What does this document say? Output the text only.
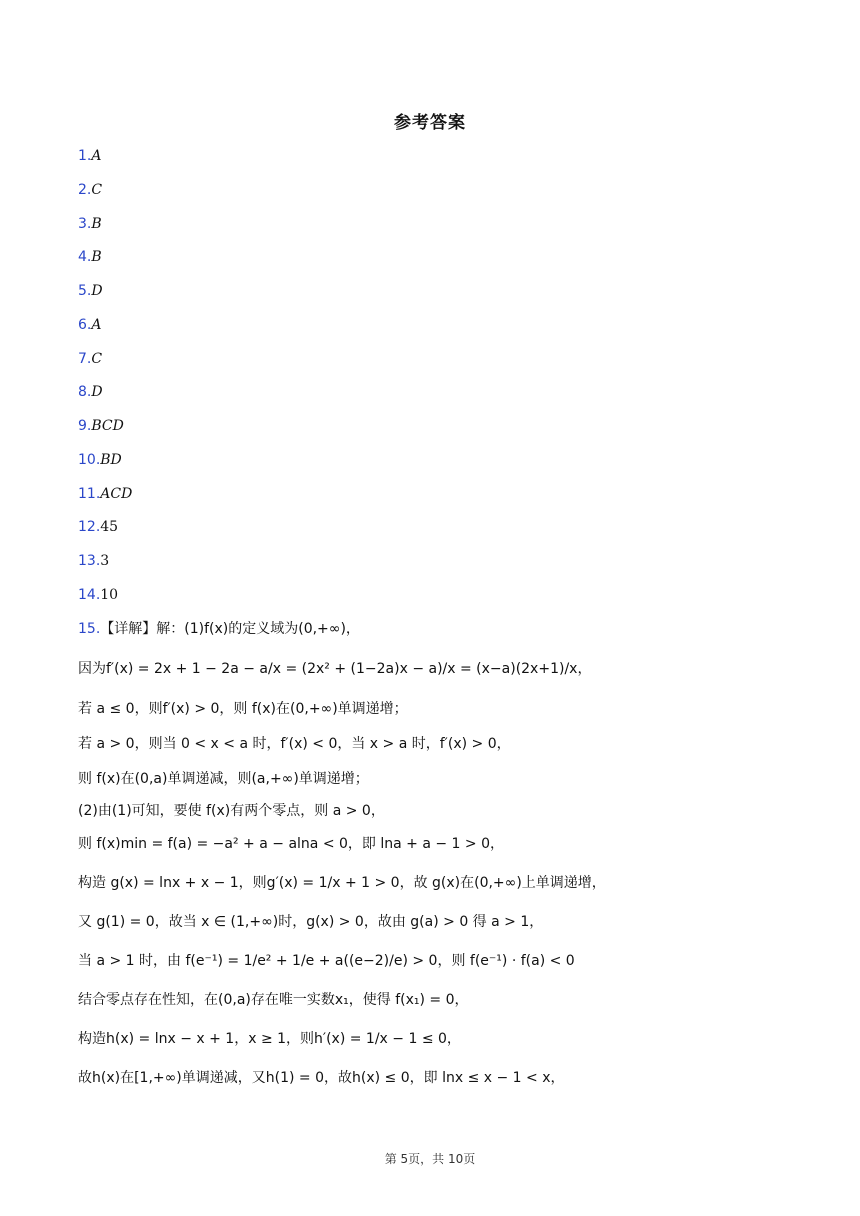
参考答案
1.A
2.C
3.B
4.B
5.D
6.A
7.C
8.D
9.BCD
10.BD
11.ACD
12.45
13.3
14.10
15.【详解】解：(1)f(x)的定义域为(0,+∞)，
因为f′(x) = 2x + 1 − 2a − a/x = (2x² + (1−2a)x − a)/x = (x−a)(2x+1)/x，
若 a ≤ 0，则f′(x) > 0，则 f(x)在(0,+∞)单调递增；
若 a > 0，则当 0 < x < a 时，f′(x) < 0，当 x > a 时，f′(x) > 0，
则 f(x)在(0,a)单调递减，则(a,+∞)单调递增；
(2)由(1)可知，要使 f(x)有两个零点，则 a > 0，
则 f(x)min = f(a) = −a² + a − alna < 0，即 lna + a − 1 > 0，
构造 g(x) = lnx + x − 1，则g′(x) = 1/x + 1 > 0，故 g(x)在(0,+∞)上单调递增，
又 g(1) = 0，故当 x ∈ (1,+∞)时，g(x) > 0，故由 g(a) > 0 得 a > 1，
当 a > 1 时，由 f(e⁻¹) = 1/e² + 1/e + a((e−2)/e) > 0，则 f(e⁻¹) · f(a) < 0
结合零点存在性知，在(0,a)存在唯一实数x₁，使得 f(x₁) = 0，
构造h(x) = lnx − x + 1，x ≥ 1，则h′(x) = 1/x − 1 ≤ 0，
故h(x)在[1,+∞)单调递减，又h(1) = 0，故h(x) ≤ 0，即 lnx ≤ x − 1 < x，
第 5页，共 10页
